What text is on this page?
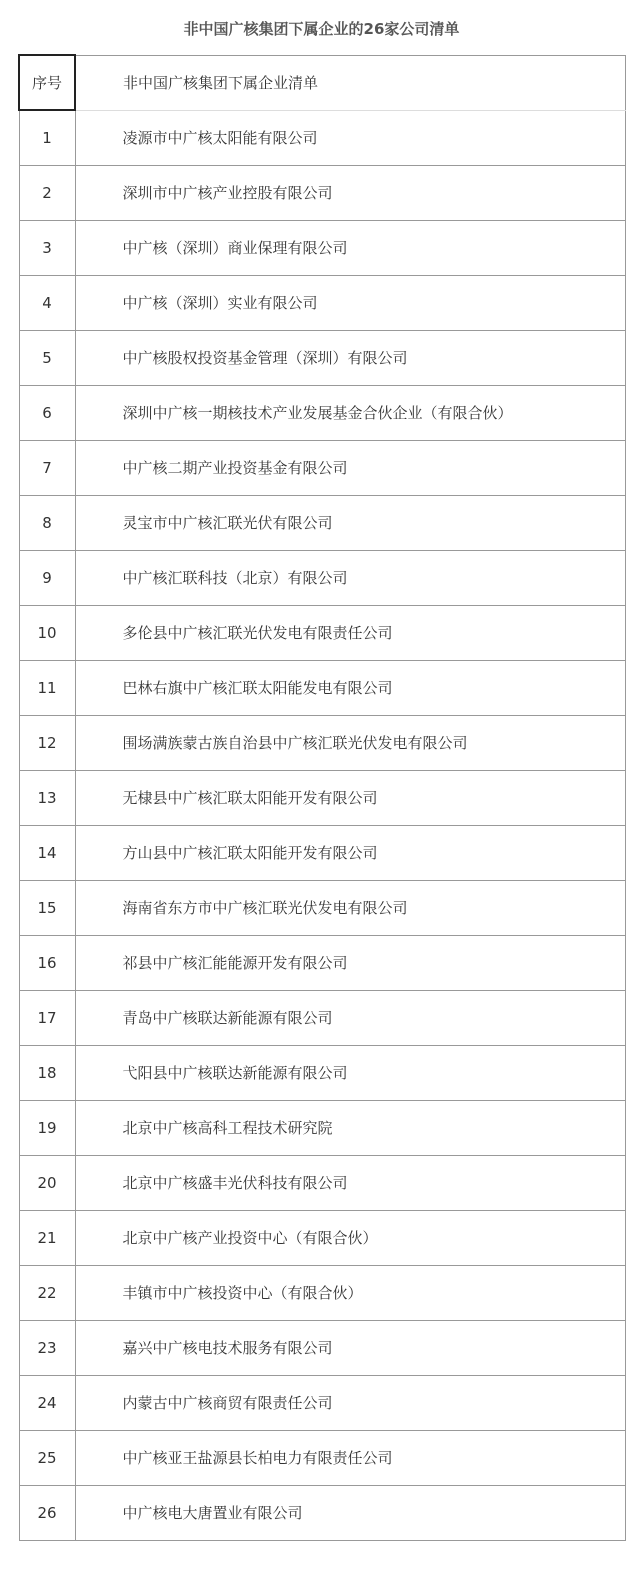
非中国广核集团下属企业的26家公司清单
序号	非中国广核集团下属企业清单
1	凌源市中广核太阳能有限公司
2	深圳市中广核产业控股有限公司
3	中广核（深圳）商业保理有限公司
4	中广核（深圳）实业有限公司
5	中广核股权投资基金管理（深圳）有限公司
6	深圳中广核一期核技术产业发展基金合伙企业（有限合伙）
7	中广核二期产业投资基金有限公司
8	灵宝市中广核汇联光伏有限公司
9	中广核汇联科技（北京）有限公司
10	多伦县中广核汇联光伏发电有限责任公司
11	巴林右旗中广核汇联太阳能发电有限公司
12	围场满族蒙古族自治县中广核汇联光伏发电有限公司
13	无棣县中广核汇联太阳能开发有限公司
14	方山县中广核汇联太阳能开发有限公司
15	海南省东方市中广核汇联光伏发电有限公司
16	祁县中广核汇能能源开发有限公司
17	青岛中广核联达新能源有限公司
18	弋阳县中广核联达新能源有限公司
19	北京中广核高科工程技术研究院
20	北京中广核盛丰光伏科技有限公司
21	北京中广核产业投资中心（有限合伙）
22	丰镇市中广核投资中心（有限合伙）
23	嘉兴中广核电技术服务有限公司
24	内蒙古中广核商贸有限责任公司
25	中广核亚王盐源县长柏电力有限责任公司
26	中广核电大唐置业有限公司
